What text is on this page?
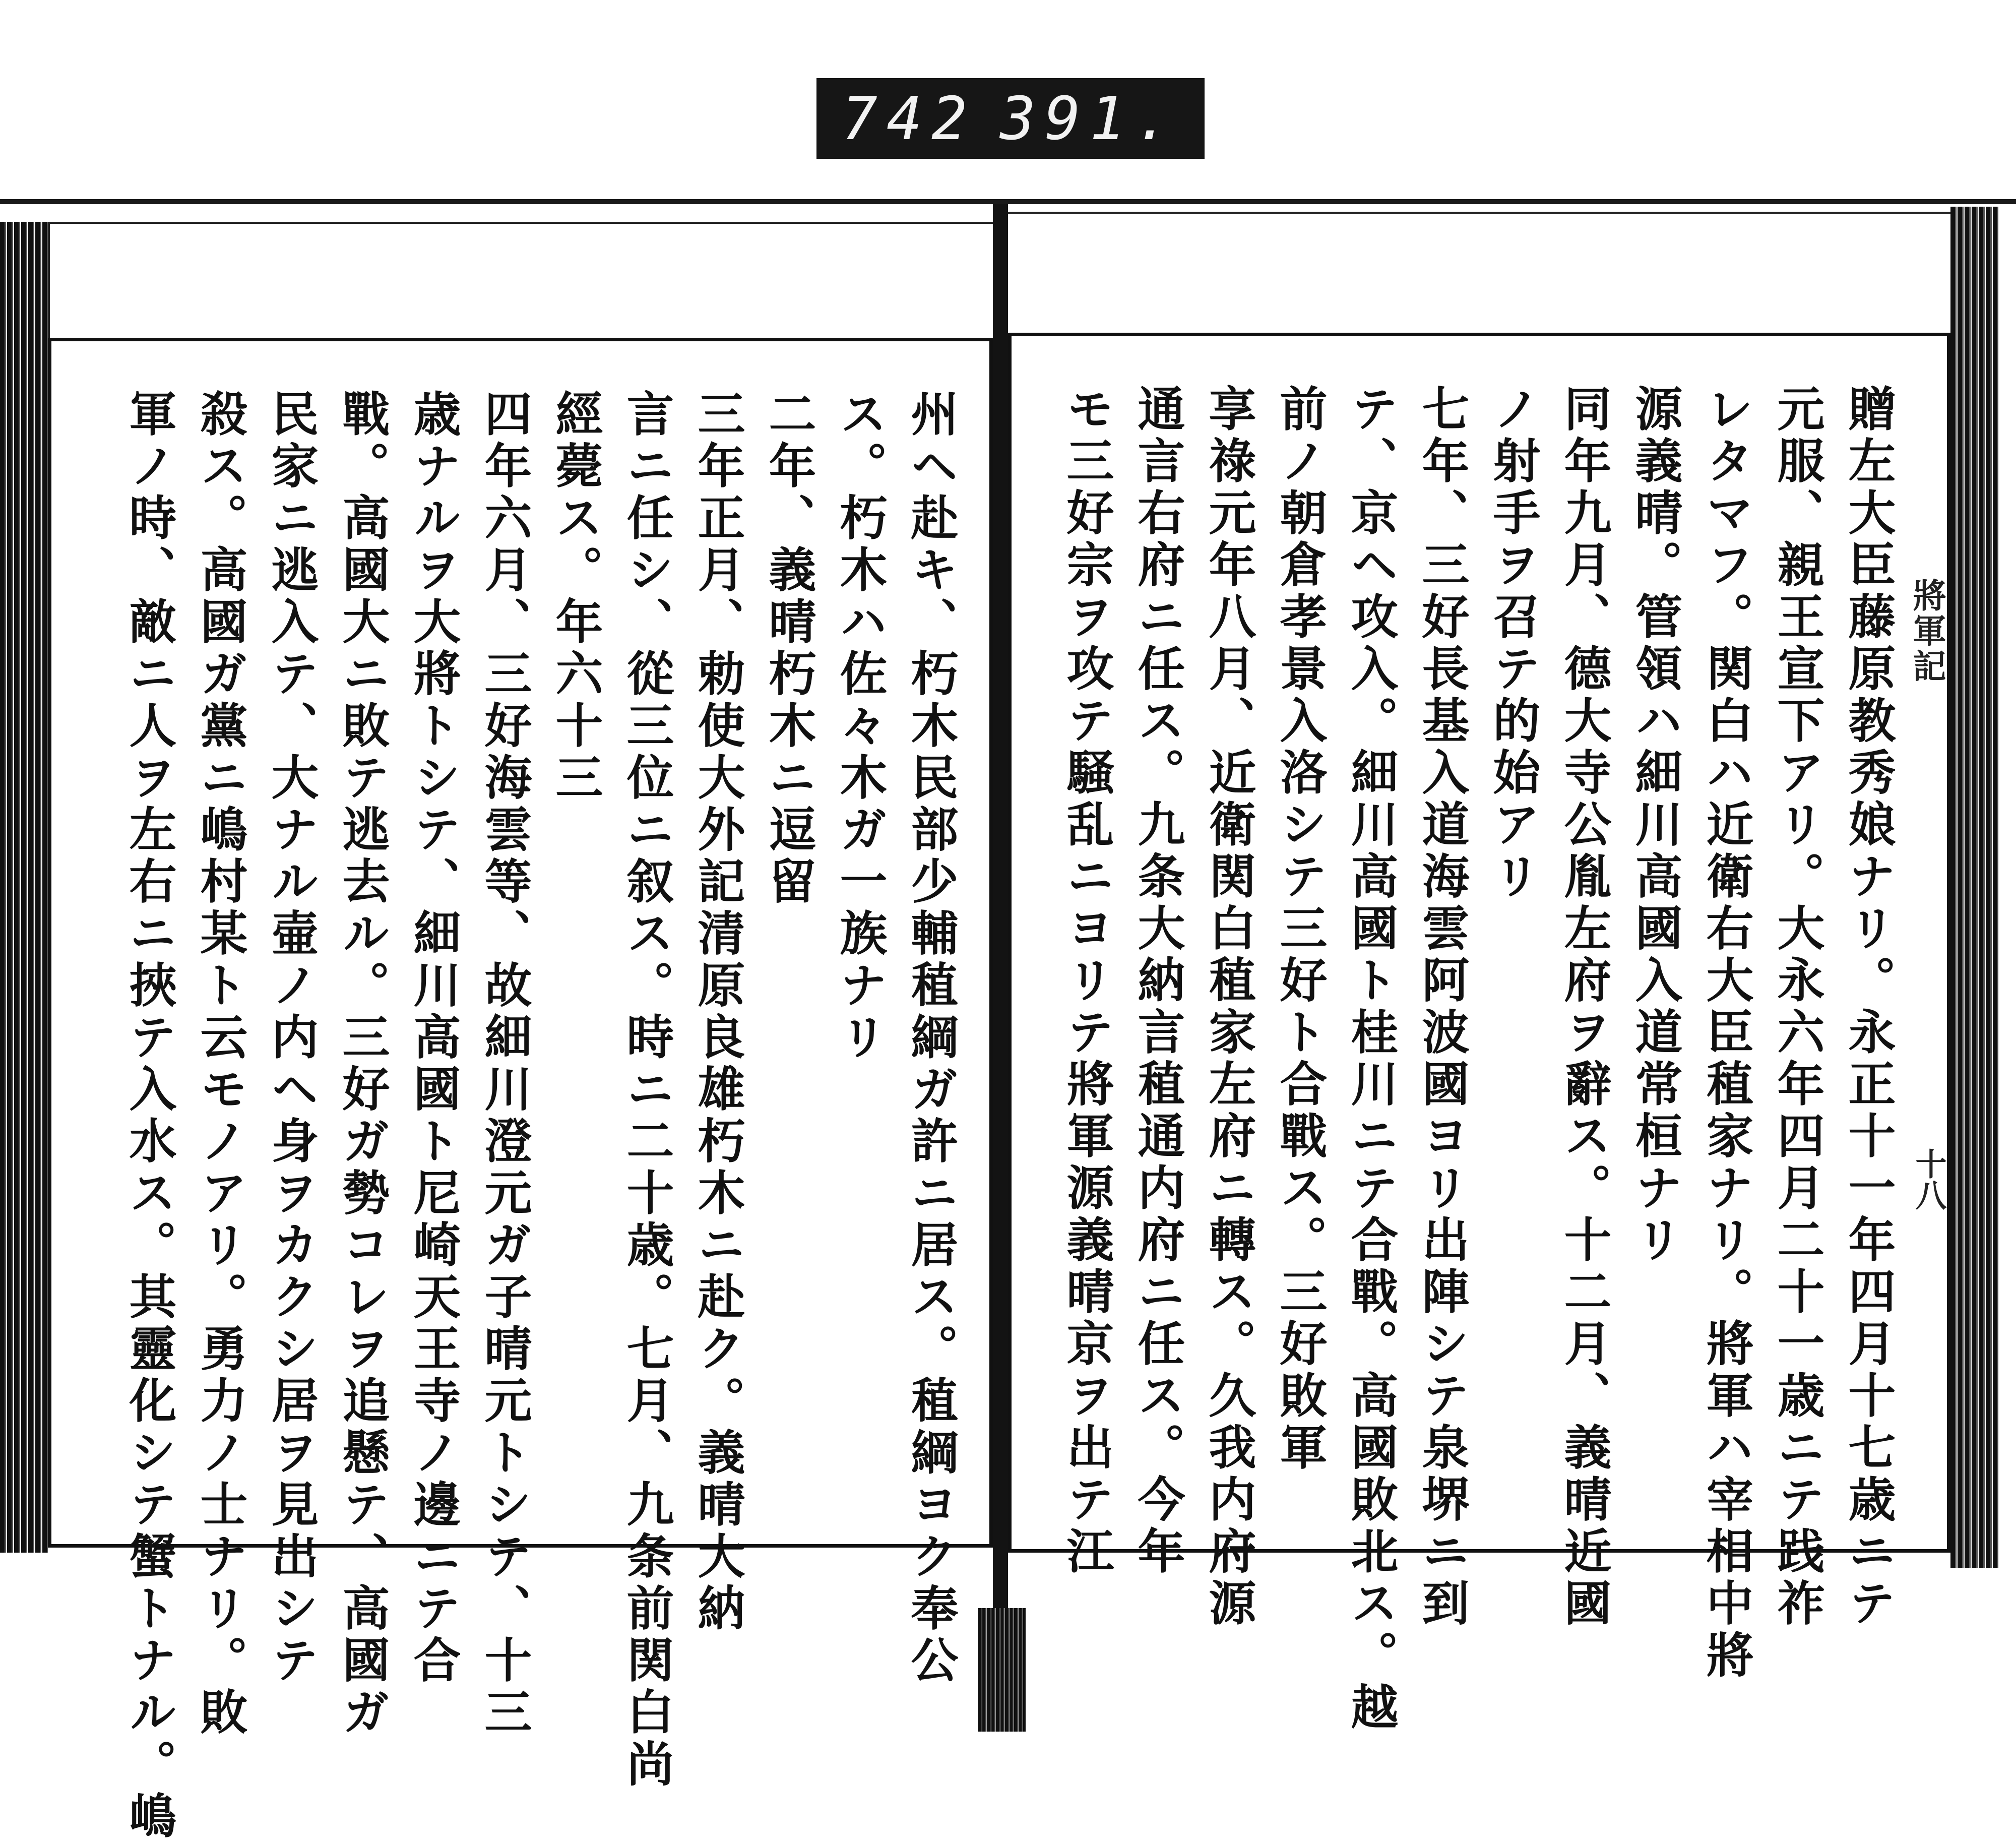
742 391.
州ヘ赴キ、朽木民部少輔稙綱ガ許ニ居ス。稙綱ヨク奉公
ス。朽木ハ佐々木ガ一族ナリ
二年、義晴朽木ニ逗留
三年正月、勅使大外記清原良雄朽木ニ赴ク。義晴大納
言ニ任シ、從三位ニ叙ス。時ニ二十歳。七月、九条前関白尚
經薨ス。年六十三
四年六月、三好海雲等、故細川澄元ガ子晴元トシテ、十三
歳ナルヲ大將トシテ、細川高國ト尼崎天王寺ノ邊ニテ合
戰。高國大ニ敗テ逃去ル。三好ガ勢コレヲ追懸テ、高國ガ
民家ニ逃入テ、大ナル壷ノ内ヘ身ヲカクシ居ヲ見出シテ
殺ス。高國ガ黨ニ嶋村某ト云モノアリ。勇力ノ士ナリ。敗
軍ノ時、敵ニ人ヲ左右ニ挾テ入水ス。其靈化シテ蟹トナル。嶋	贈左大臣藤原教秀娘ナリ。永正十一年四月十七歳ニテ
元服、親王宣下アリ。大永六年四月二十一歳ニテ践祚
レタマフ。関白ハ近衛右大臣稙家ナリ。將軍ハ宰相中將
源義晴。管領ハ細川高國入道常桓ナリ
同年九月、德大寺公胤左府ヲ辭ス。十二月、義晴近國
ノ射手ヲ召テ的始アリ
七年、三好長基入道海雲阿波國ヨリ出陣シテ泉堺ニ到
テ、京ヘ攻入。細川高國ト桂川ニテ合戰。高國敗北ス。越
前ノ朝倉孝景入洛シテ三好ト合戰ス。三好敗軍
享祿元年八月、近衛関白稙家左府ニ轉ス。久我内府源
通言右府ニ任ス。九条大納言稙通内府ニ任ス。今年
モ三好宗ヲ攻テ騒乱ニヨリテ將軍源義晴京ヲ出テ江	將軍記
十八
